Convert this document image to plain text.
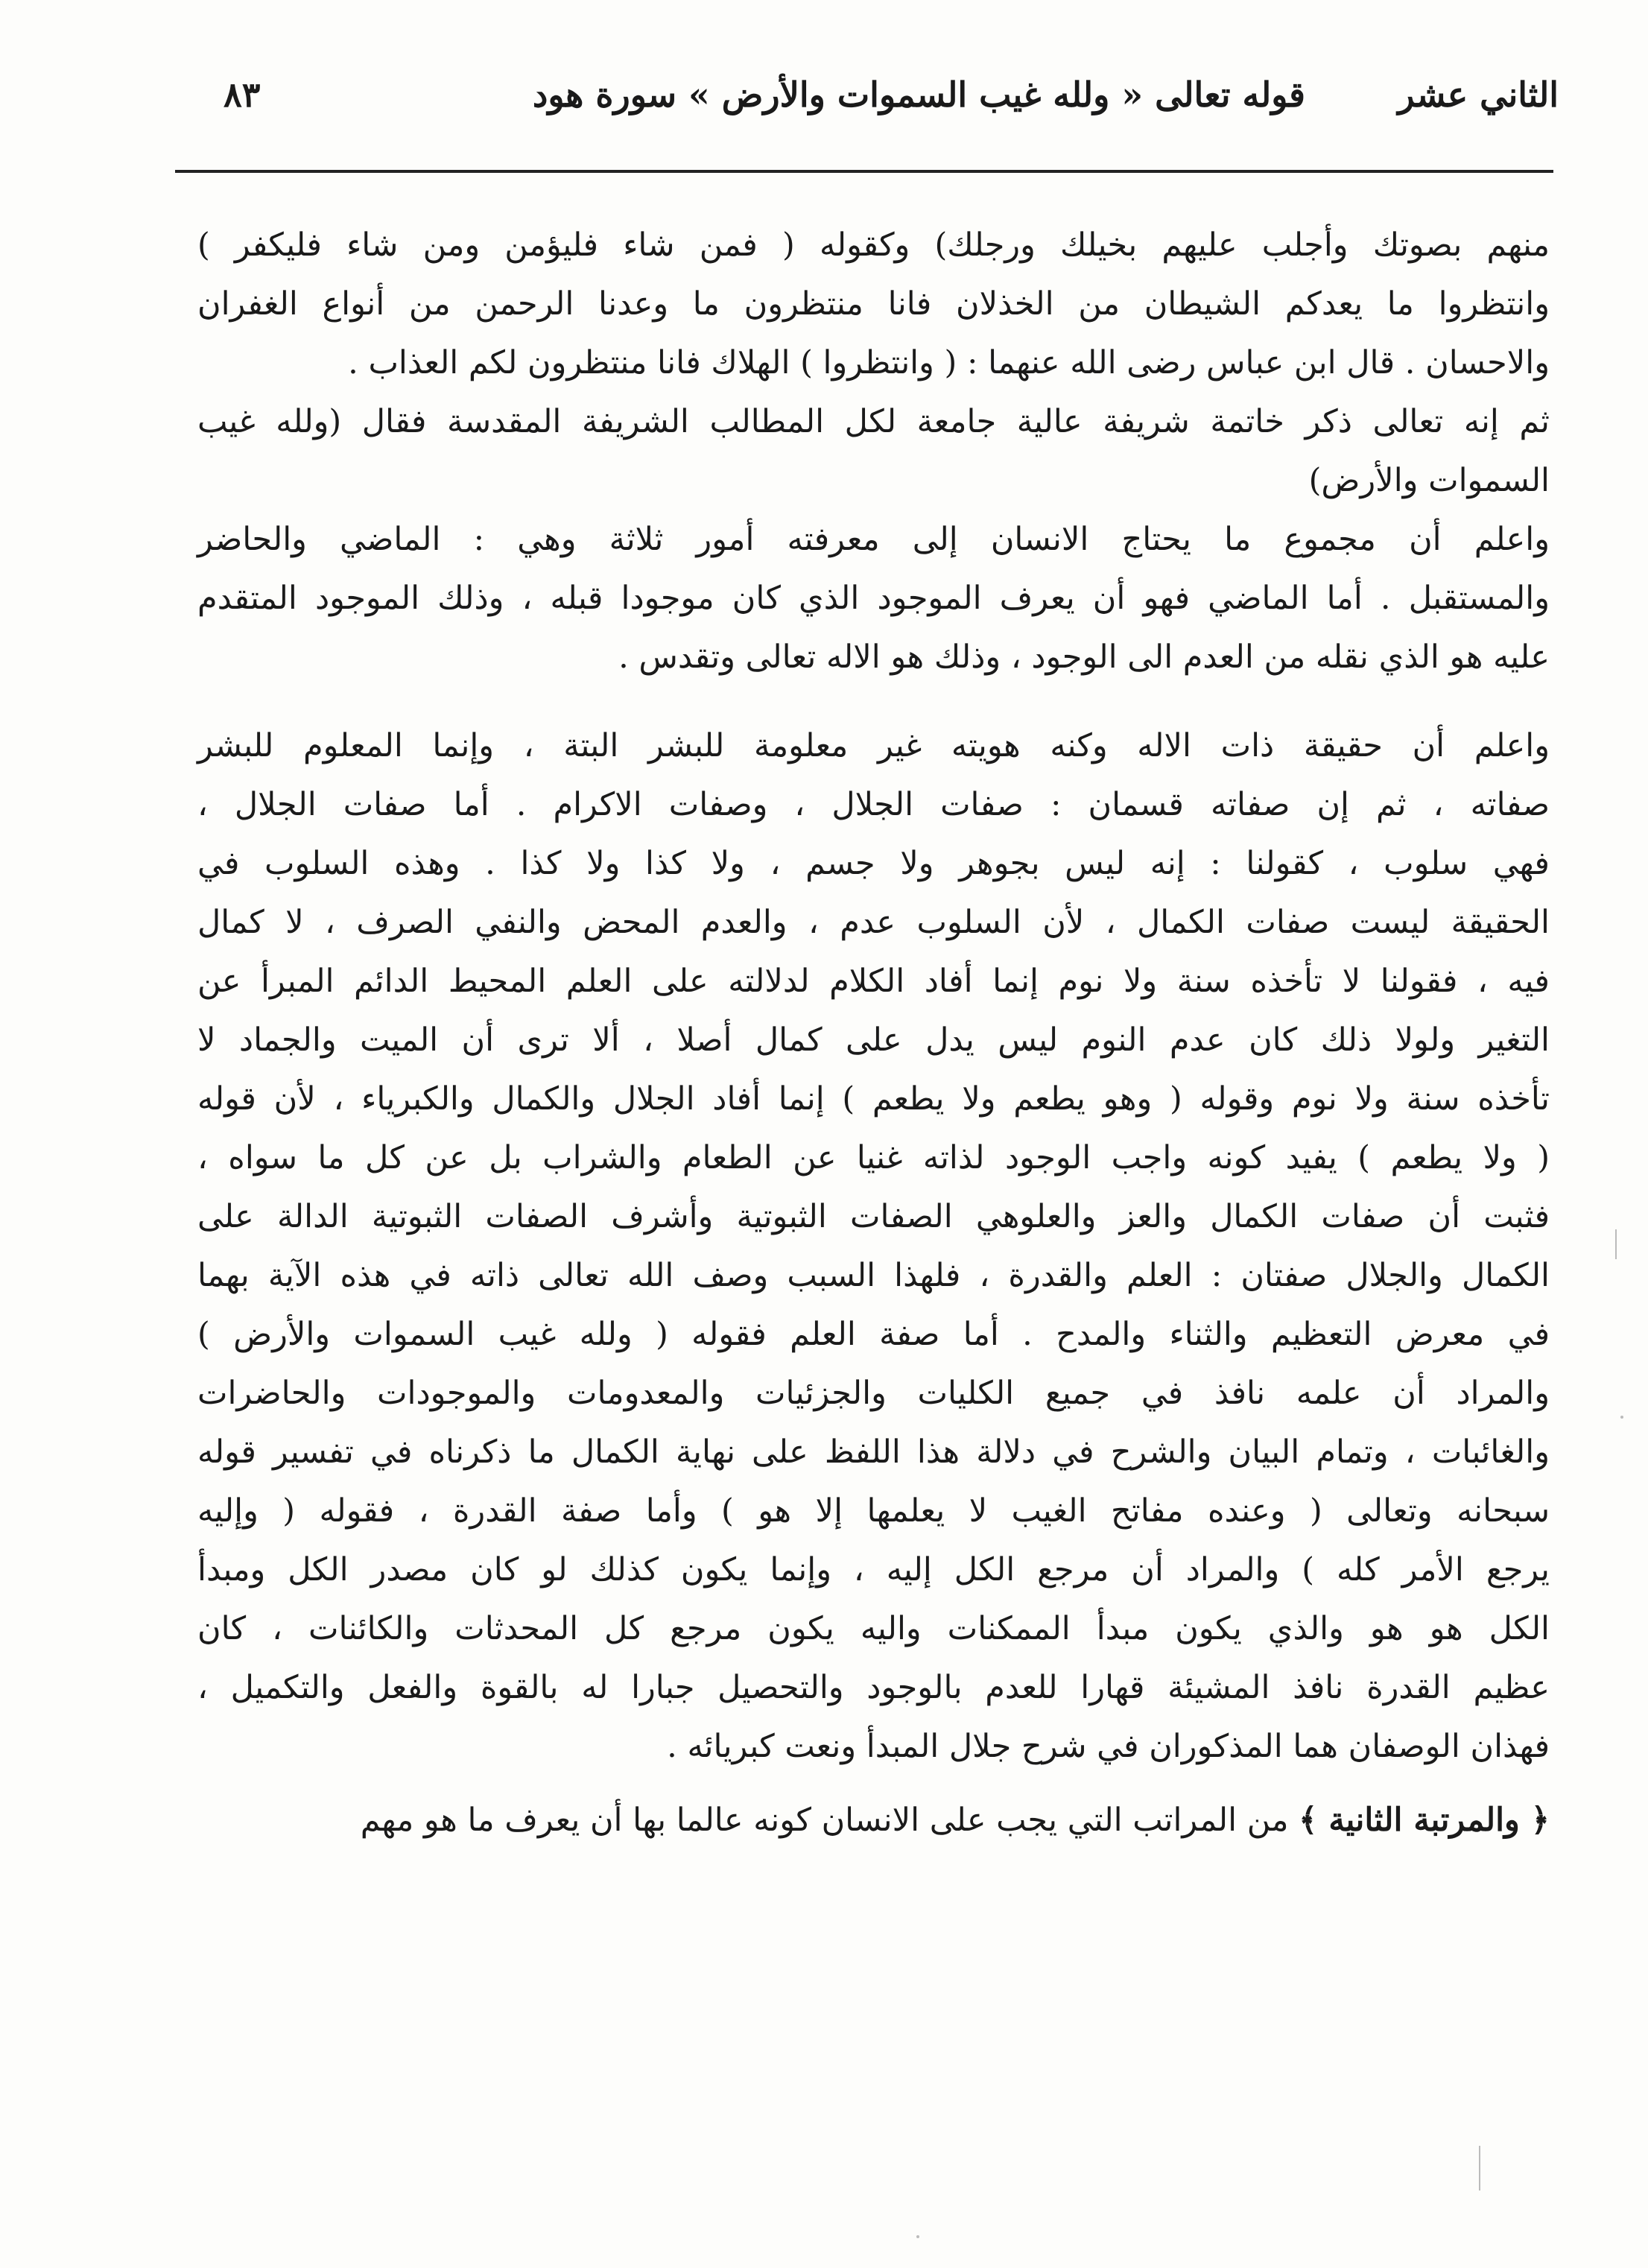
الثاني عشر
قوله تعالى « ولله غيب السموات والأرض » سورة هود
٨٣
منهم بصوتك وأجلب عليهم بخيلك ورجلك) وكقوله ( فمن شاء فليؤمن ومن شاء فليكفر )
وانتظروا ما يعدكم الشيطان من الخذلان فانا منتظرون ما وعدنا الرحمن من أنواع الغفران
والاحسان . قال ابن عباس رضى الله عنهما : ( وانتظروا ) الهلاك فانا منتظرون لكم العذاب .
ثم إنه تعالى ذكر خاتمة شريفة عالية جامعة لكل المطالب الشريفة المقدسة فقال (ولله غيب
السموات والأرض)
واعلم أن مجموع ما يحتاج الانسان إلى معرفته أمور ثلاثة وهي : الماضي والحاضر
والمستقبل . أما الماضي فهو أن يعرف الموجود الذي كان موجودا قبله ، وذلك الموجود المتقدم
عليه هو الذي نقله من العدم الى الوجود ، وذلك هو الاله تعالى وتقدس .
واعلم أن حقيقة ذات الاله وكنه هويته غير معلومة للبشر البتة ، وإنما المعلوم للبشر
صفاته ، ثم إن صفاته قسمان : صفات الجلال ، وصفات الاكرام . أما صفات الجلال ،
فهي سلوب ، كقولنا : إنه ليس بجوهر ولا جسم ، ولا كذا ولا كذا . وهذه السلوب في
الحقيقة ليست صفات الكمال ، لأن السلوب عدم ، والعدم المحض والنفي الصرف ، لا كمال
فيه ، فقولنا لا تأخذه سنة ولا نوم إنما أفاد الكلام لدلالته على العلم المحيط الدائم المبرأ عن
التغير ولولا ذلك كان عدم النوم ليس يدل على كمال أصلا ، ألا ترى أن الميت والجماد لا
تأخذه سنة ولا نوم وقوله ( وهو يطعم ولا يطعم ) إنما أفاد الجلال والكمال والكبرياء ، لأن قوله
( ولا يطعم ) يفيد كونه واجب الوجود لذاته غنيا عن الطعام والشراب بل عن كل ما سواه ،
فثبت أن صفات الكمال والعز والعلوهي الصفات الثبوتية وأشرف الصفات الثبوتية الدالة على
الكمال والجلال صفتان : العلم والقدرة ، فلهذا السبب وصف الله تعالى ذاته في هذه الآية بهما
في معرض التعظيم والثناء والمدح . أما صفة العلم فقوله ( ولله غيب السموات والأرض )
والمراد أن علمه نافذ في جميع الكليات والجزئيات والمعدومات والموجودات والحاضرات
والغائبات ، وتمام البيان والشرح في دلالة هذا اللفظ على نهاية الكمال ما ذكرناه في تفسير قوله
سبحانه وتعالى ( وعنده مفاتح الغيب لا يعلمها إلا هو ) وأما صفة القدرة ، فقوله ( وإليه
يرجع الأمر كله ) والمراد أن مرجع الكل إليه ، وإنما يكون كذلك لو كان مصدر الكل ومبدأ
الكل هو هو والذي يكون مبدأ الممكنات واليه يكون مرجع كل المحدثات والكائنات ، كان
عظيم القدرة نافذ المشيئة قهارا للعدم بالوجود والتحصيل جبارا له بالقوة والفعل والتكميل ،
فهذان الوصفان هما المذكوران في شرح جلال المبدأ ونعت كبريائه .
﴿ والمرتبة الثانية ﴾ من المراتب التي يجب على الانسان كونه عالما بها أن يعرف ما هو مهم
